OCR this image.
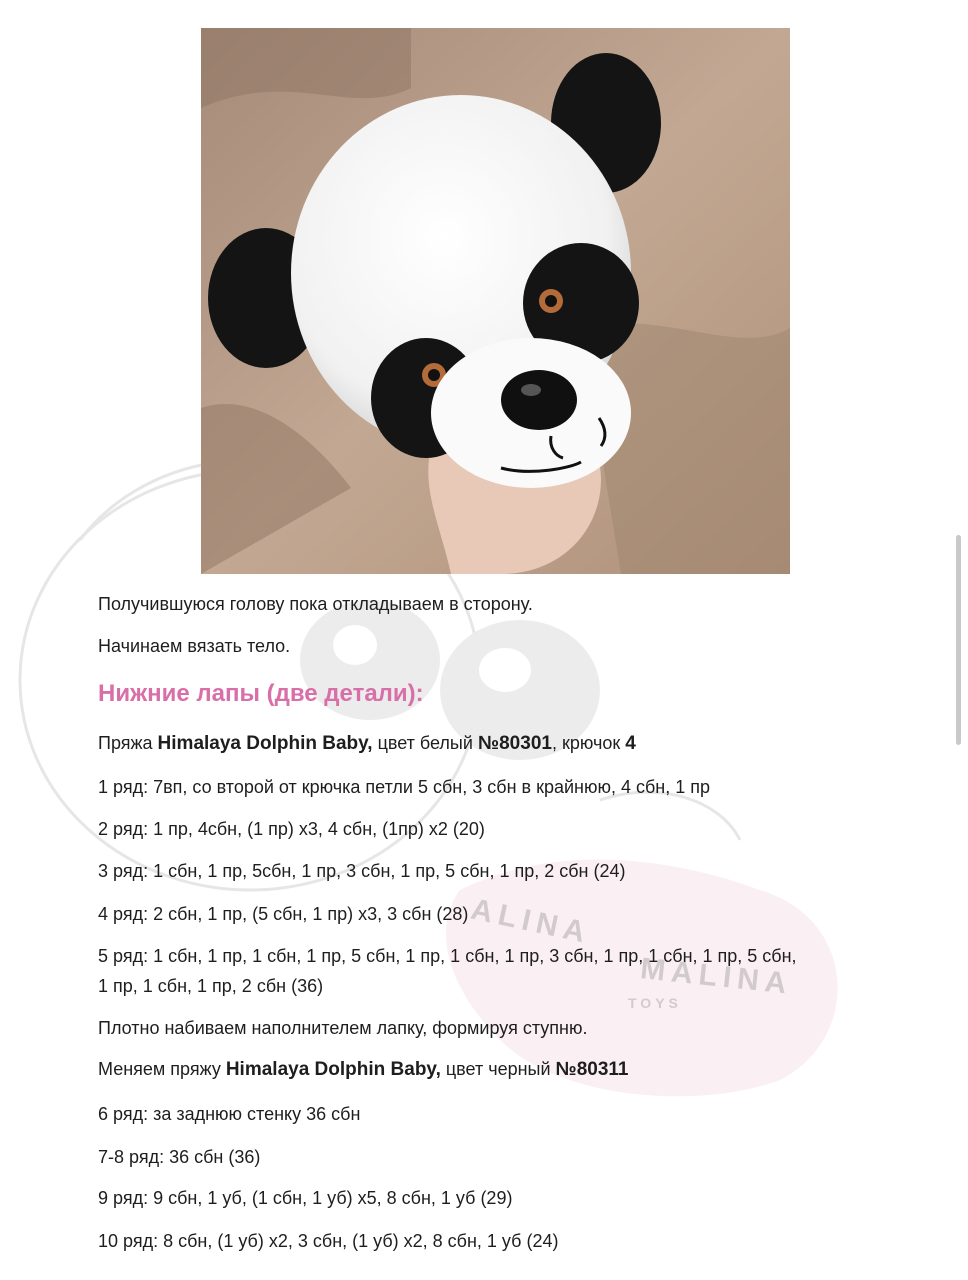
ALINA
MALINA
TOYS
Получившуюся голову пока откладываем в сторону.
Начинаем вязать тело.
Нижние лапы (две детали):
Пряжа Himalaya Dolphin Baby, цвет белый №80301, крючок 4
1 ряд: 7вп, со второй от крючка петли 5 сбн, 3 сбн в крайнюю, 4 сбн, 1 пр
2 ряд: 1 пр, 4сбн, (1 пр) х3, 4 сбн, (1пр) х2 (20)
3 ряд: 1 сбн, 1 пр, 5сбн, 1 пр, 3 сбн, 1 пр, 5 сбн, 1 пр, 2 сбн (24)
4 ряд: 2 сбн, 1 пр, (5 сбн, 1 пр) х3, 3 сбн (28)
5 ряд: 1 сбн, 1 пр, 1 сбн, 1 пр, 5 сбн, 1 пр, 1 сбн, 1 пр, 3 сбн, 1 пр, 1 сбн, 1 пр, 5 сбн,
1 пр, 1 сбн, 1 пр, 2 сбн (36)
Плотно набиваем наполнителем лапку, формируя ступню.
Меняем пряжу Himalaya Dolphin Baby, цвет черный №80311
6 ряд: за заднюю стенку 36 сбн
7-8 ряд: 36 сбн (36)
9 ряд: 9 сбн, 1 уб, (1 сбн, 1 уб) х5, 8 сбн, 1 уб (29)
10 ряд: 8 сбн, (1 уб) х2, 3 сбн, (1 уб) х2, 8 сбн, 1 уб (24)
